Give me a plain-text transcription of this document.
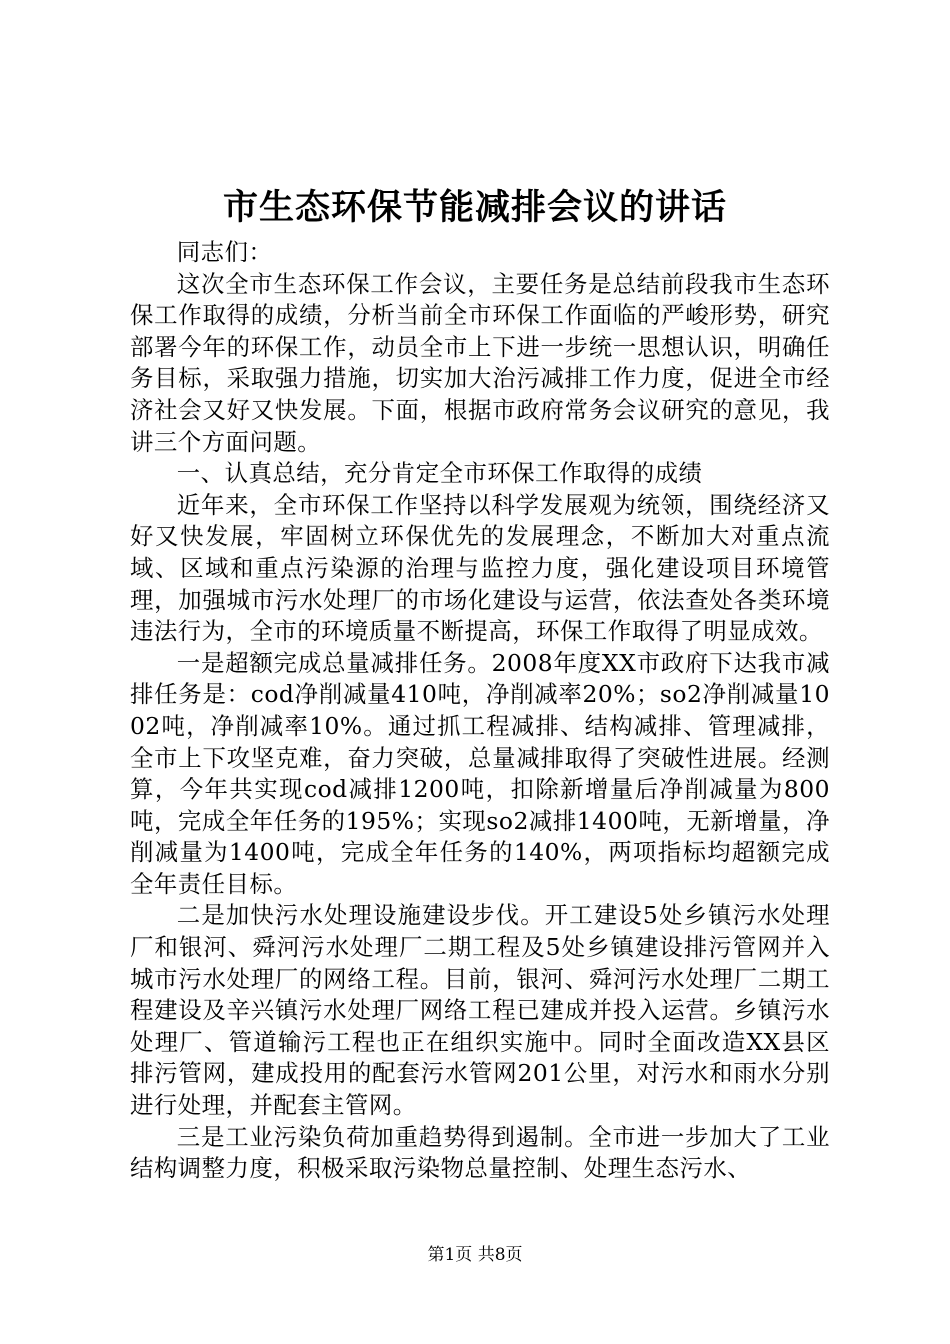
市生态环保节能减排会议的讲话

同志们：

这次全市生态环保工作会议，主要任务是总结前段我市生态环保工作取得的成绩，分析当前全市环保工作面临的严峻形势，研究部署今年的环保工作，动员全市上下进一步统一思想认识，明确任务目标，采取强力措施，切实加大治污减排工作力度，促进全市经济社会又好又快发展。下面，根据市政府常务会议研究的意见，我讲三个方面问题。

一、认真总结，充分肯定全市环保工作取得的成绩

近年来，全市环保工作坚持以科学发展观为统领，围绕经济又好又快发展，牢固树立环保优先的发展理念，不断加大对重点流域、区域和重点污染源的治理与监控力度，强化建设项目环境管理，加强城市污水处理厂的市场化建设与运营，依法查处各类环境违法行为，全市的环境质量不断提高，环保工作取得了明显成效。

一是超额完成总量减排任务。2008年度XX市政府下达我市减排任务是：cod净削减量410吨，净削减率20%；so2净削减量1002吨，净削减率10%。通过抓工程减排、结构减排、管理减排，全市上下攻坚克难，奋力突破，总量减排取得了突破性进展。经测算，今年共实现cod减排1200吨，扣除新增量后净削减量为800吨，完成全年任务的195%；实现so2减排1400吨，无新增量，净削减量为1400吨，完成全年任务的140%，两项指标均超额完成全年责任目标。

二是加快污水处理设施建设步伐。开工建设5处乡镇污水处理厂和银河、舜河污水处理厂二期工程及5处乡镇建设排污管网并入城市污水处理厂的网络工程。目前，银河、舜河污水处理厂二期工程建设及辛兴镇污水处理厂网络工程已建成并投入运营。乡镇污水处理厂、管道输污工程也正在组织实施中。同时全面改造XX县区排污管网，建成投用的配套污水管网201公里，对污水和雨水分别进行处理，并配套主管网。

三是工业污染负荷加重趋势得到遏制。全市进一步加大了工业结构调整力度，积极采取污染物总量控制、处理生态污水、

第1页 共8页
